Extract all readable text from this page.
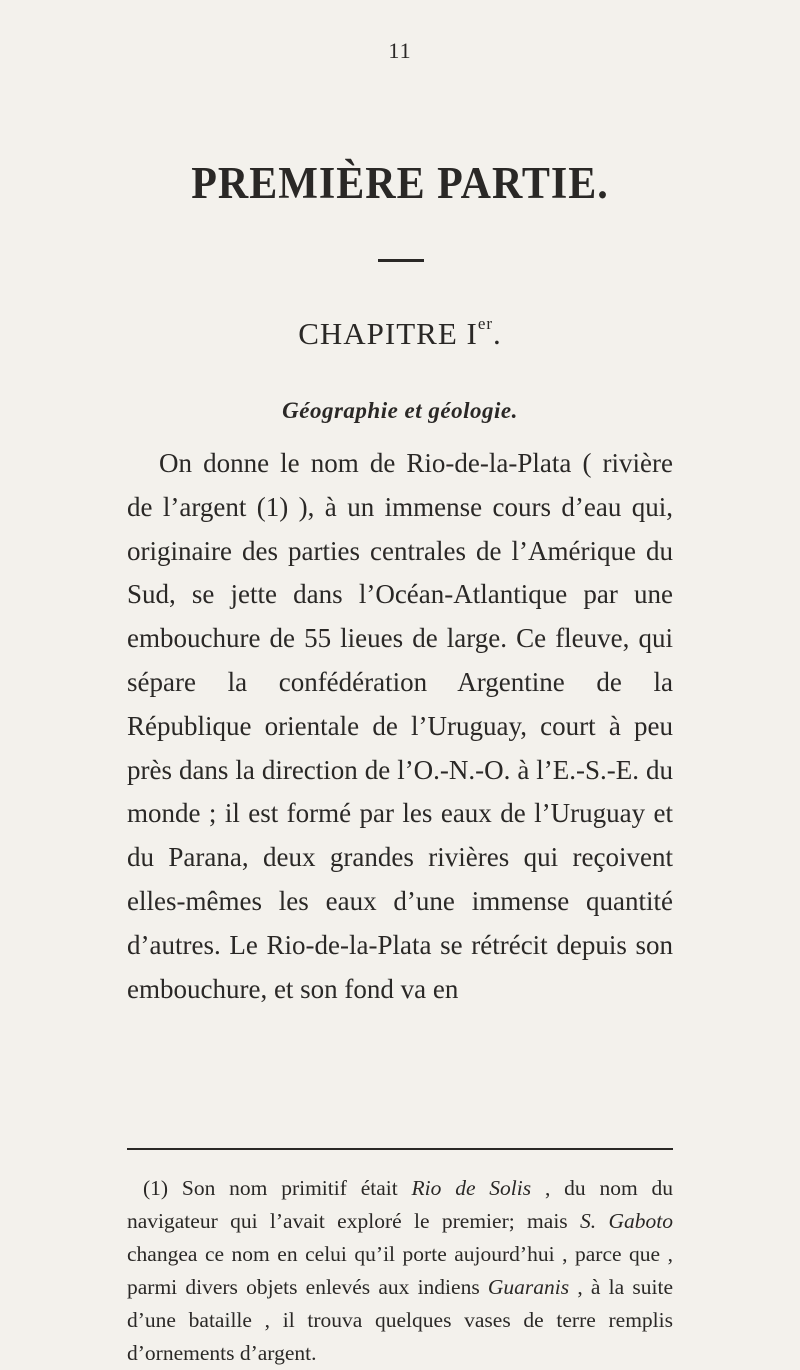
11
PREMIÈRE PARTIE.
CHAPITRE Ier.
Géographie et géologie.

On donne le nom de Rio-de-la-Plata ( rivière de l’argent (1) ), à un immense cours d’eau qui, originaire des parties centrales de l’Amérique du Sud, se jette dans l’Océan-Atlantique par une embouchure de 55 lieues de large. Ce fleuve, qui sépare la confédération Argentine de la République orientale de l’Uruguay, court à peu près dans la direction de l’O.-N.-O. à l’E.-S.-E. du monde ; il est formé par les eaux de l’Uruguay et du Parana, deux grandes rivières qui reçoivent elles-mêmes les eaux d’une immense quantité d’autres. Le Rio-de-la-Plata se rétrécit depuis son embouchure, et son fond va en

(1) Son nom primitif était Rio de Solis , du nom du navigateur qui l’avait exploré le premier; mais S. Gaboto changea ce nom en celui qu’il porte aujourd’hui , parce que , parmi divers objets enlevés aux indiens Guaranis , à la suite d’une bataille , il trouva quelques vases de terre remplis d’ornements d’argent.
